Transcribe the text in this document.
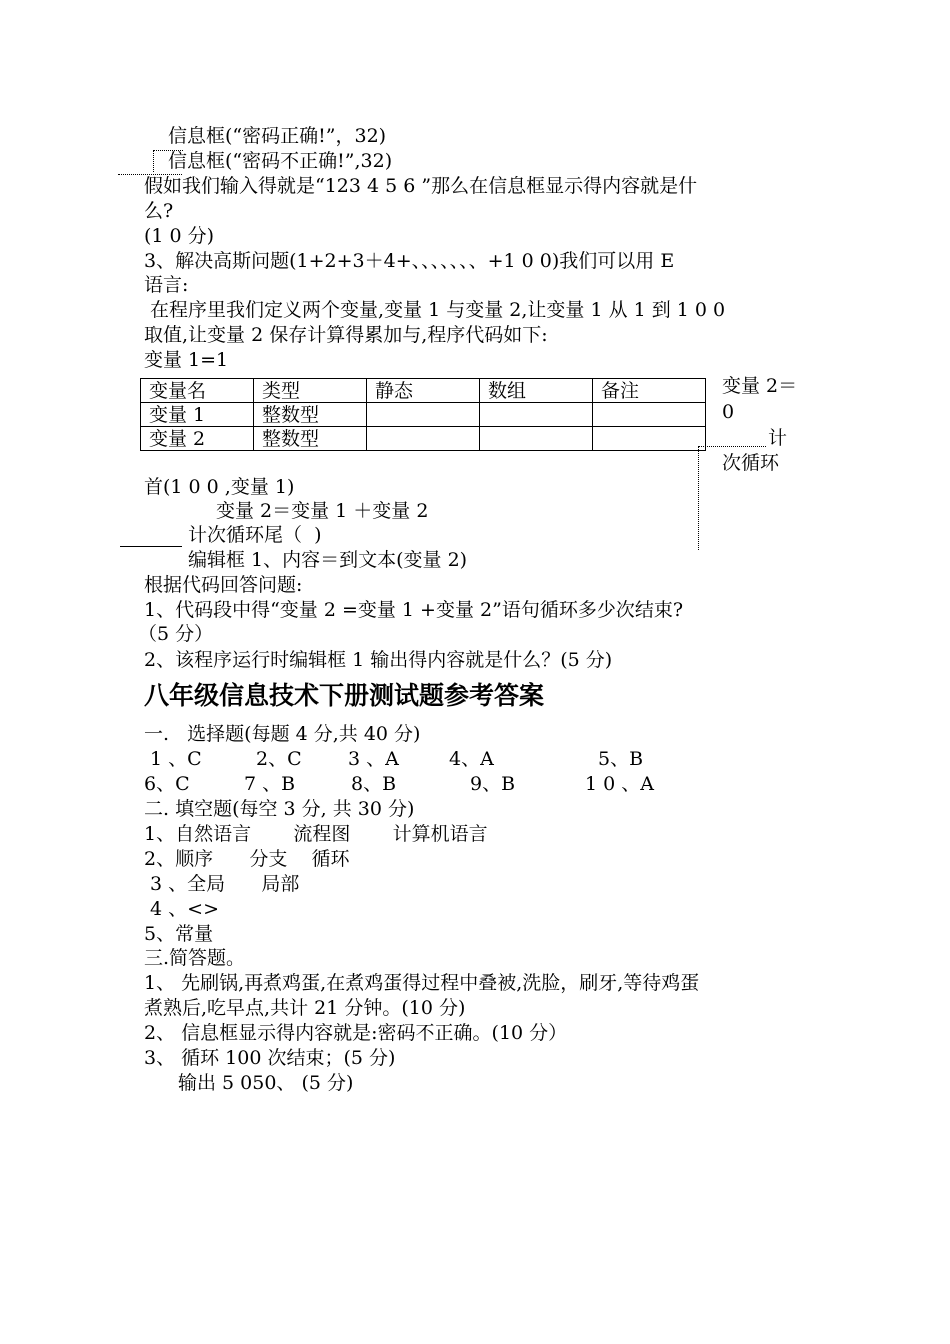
信息框(“密码正确!”，32)
信息框(“密码不正确!”,32)
假如我们输入得就是“123 4 5 6 ”那么在信息框显示得内容就是什
么?
(1 0 分)
3、解决高斯问题(1+2+3＋4+、、、、、、、+1 0 0)我们可以用 E
语言:
在程序里我们定义两个变量,变量 1 与变量 2,让变量 1 从 1 到 1 0 0
取值,让变量 2 保存计算得累加与,程序代码如下:
变量 1=1
变量名	类型	静态	数组	备注
变量 1	整数型			
变量 2	整数型			
变量 2＝
0
计
次循环
首(1 0 0 ,变量 1)
变量 2＝变量 1 ＋变量 2
计次循环尾（  )
编辑框 1、内容＝到文本(变量 2)
根据代码回答问题:
1、代码段中得“变量 2 =变量 1 +变量 2”语句循环多少次结束?
（5 分）
2、该程序运行时编辑框 1 输出得内容就是什么？(5 分)
八年级信息技术下册测试题参考答案
一.   选择题(每题 4 分,共 40 分)
1 、C	2、C 3 、A	4、A	5、B
6、C	7 、B	8、B	9、B	1 0 、A
二. 填空题(每空 3 分, 共 30 分)
1、自然语言       流程图       计算机语言
2、顺序      分支    循环
3 、全局      局部
4 、<>
5、常量
三.简答题。
1、 先刷锅,再煮鸡蛋,在煮鸡蛋得过程中叠被,洗脸，刷牙,等待鸡蛋
煮熟后,吃早点,共计 21 分钟。(10 分)
2、 信息框显示得内容就是:密码不正确。(10 分）
3、 循环 100 次结束；(5 分)
输出 5 050、 (5 分)
